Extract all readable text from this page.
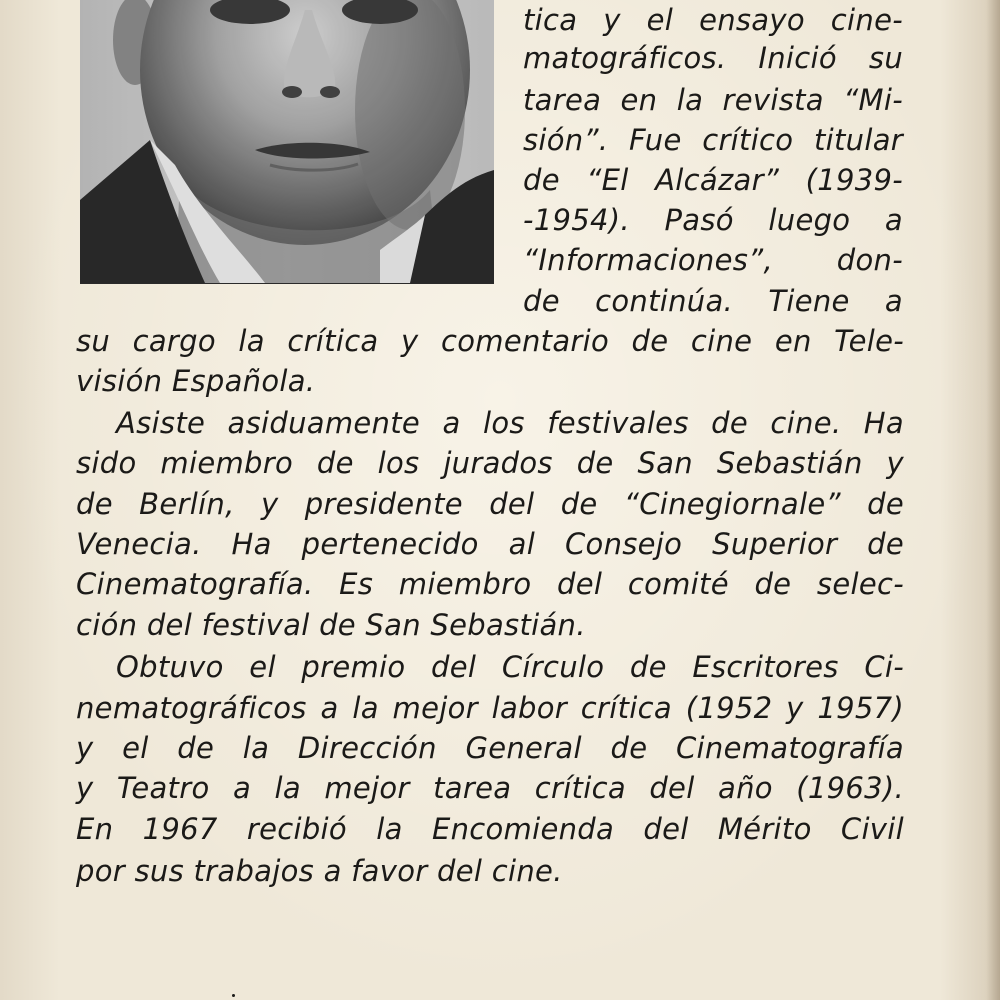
tica y el ensayo cine-
matográficos. Inició su
tarea en la revista “Mi-
sión”. Fue crítico titular
de “El Alcázar” (1939-
-1954). Pasó luego a
“Informaciones”, don-
de continúa. Tiene a
su cargo la crítica y comentario de cine en Tele-
visión Española.
Asiste asiduamente a los festivales de cine. Ha
sido miembro de los jurados de San Sebastián y
de Berlín, y presidente del de “Cinegiornale” de
Venecia. Ha pertenecido al Consejo Superior de
Cinematografía. Es miembro del comité de selec-
ción del festival de San Sebastián.
Obtuvo el premio del Círculo de Escritores Ci-
nematográficos a la mejor labor crítica (1952 y 1957)
y el de la Dirección General de Cinematografía
y Teatro a la mejor tarea crítica del año (1963).
En 1967 recibió la Encomienda del Mérito Civil
por sus trabajos a favor del cine.
